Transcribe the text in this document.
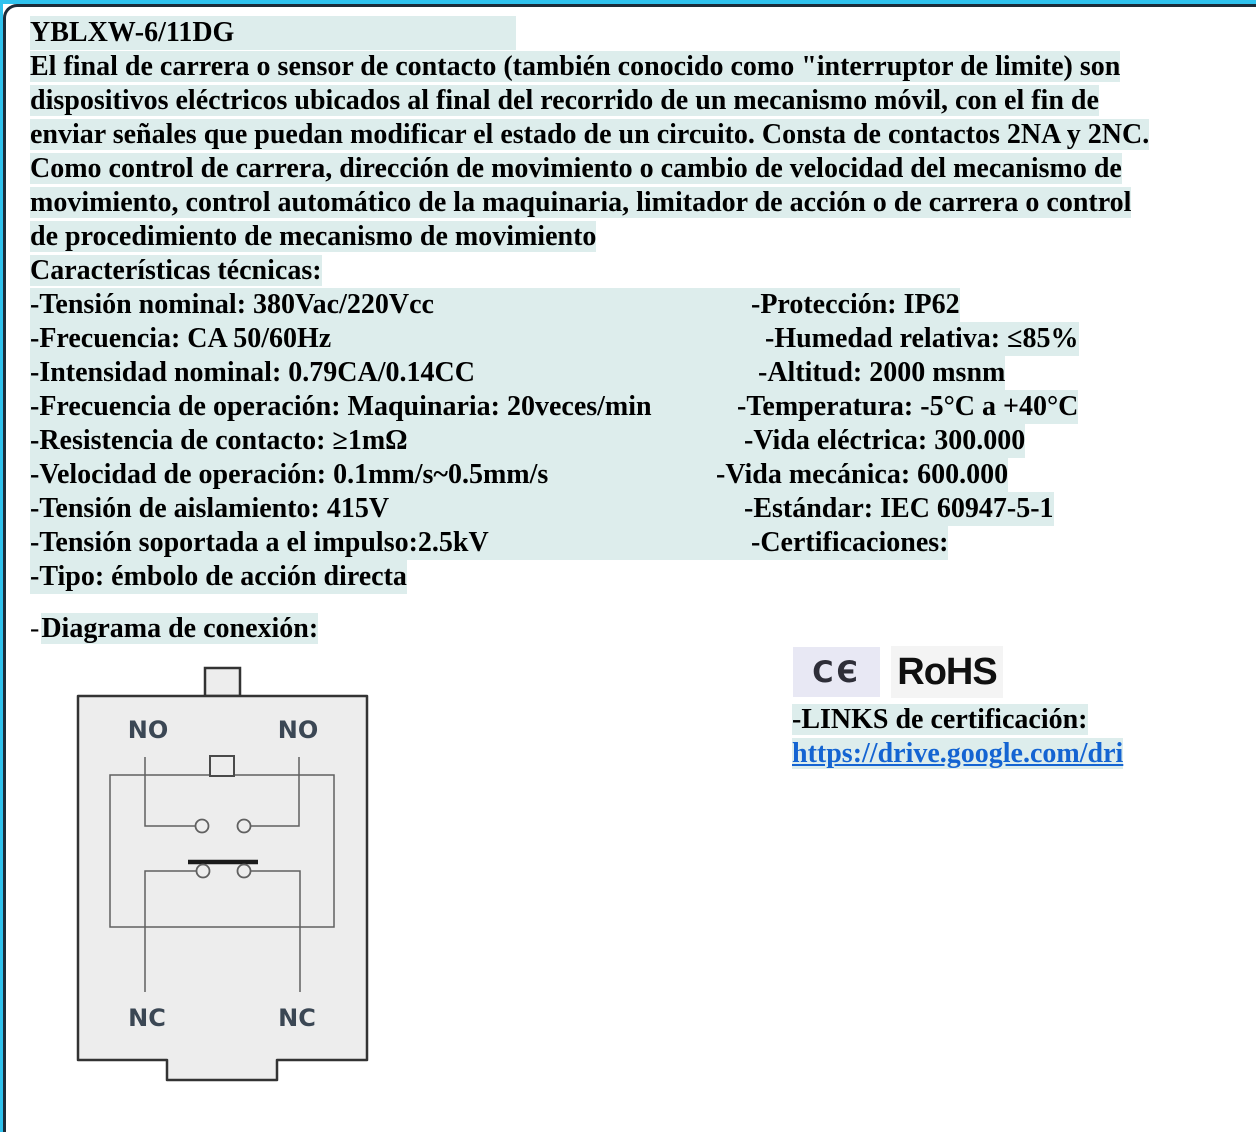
YBLXW-6/11DG
El final de carrera o sensor de contacto (también conocido como "interruptor de limite) son
dispositivos eléctricos ubicados al final del recorrido de un mecanismo móvil, con el fin de
enviar señales que puedan modificar el estado de un circuito. Consta de contactos 2NA y 2NC.
Como control de carrera, dirección de movimiento o cambio de velocidad del mecanismo de
movimiento, control automático de la maquinaria, limitador de acción o de carrera o control
de procedimiento de mecanismo de movimiento
Características técnicas:
-Tensión nominal: 380Vac/220Vcc	-Protección: IP62
-Frecuencia: CA 50/60Hz	-Humedad relativa: ≤85%
-Intensidad nominal: 0.79CA/0.14CC	-Altitud: 2000 msnm
-Frecuencia de operación: Maquinaria: 20veces/min   -Temperatura: -5°C a +40°C
-Resistencia de contacto: ≥1mΩ	-Vida eléctrica: 300.000
-Velocidad de operación: 0.1mm/s~0.5mm/s	-Vida mecánica: 600.000
-Tensión de aislamiento: 415V	-Estándar: IEC 60947-5-1
-Tensión soportada a el impulso:2.5kV	-Certificaciones:
-Tipo: émbolo de acción directa
-Diagrama de conexión:
NO	NO
NC	NC
CЄ RoHS
-LINKS de certificación:
https://drive.google.com/dri
